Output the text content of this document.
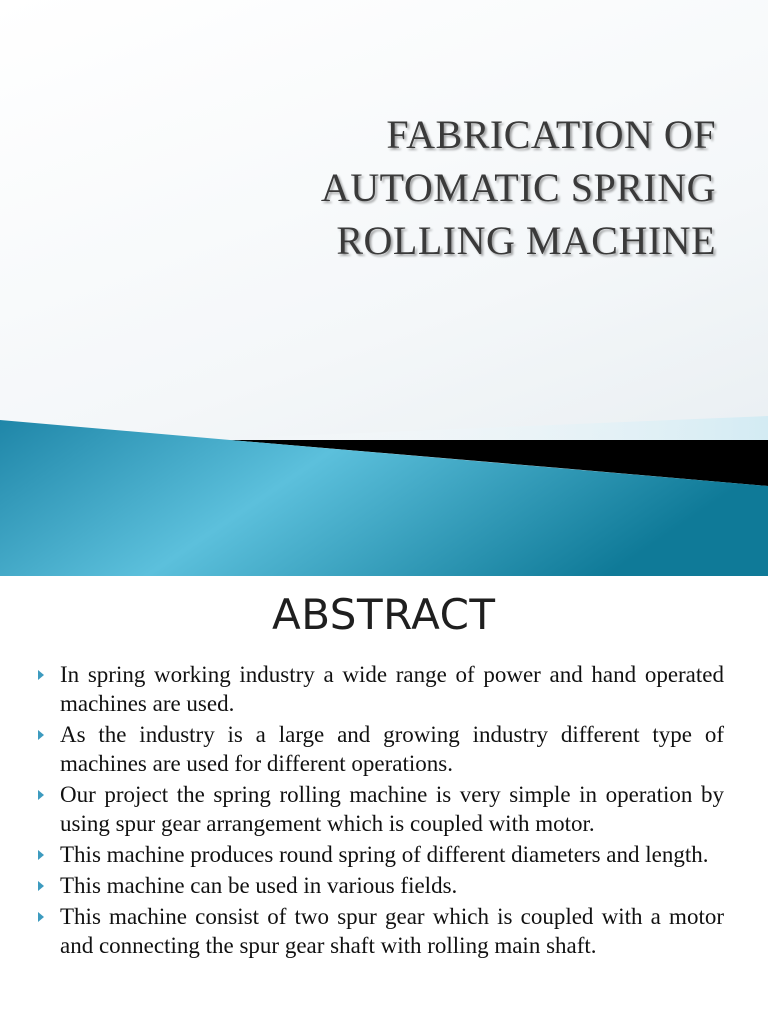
FABRICATION OF
AUTOMATIC SPRING
ROLLING MACHINE
ABSTRACT
In spring working industry a wide range of power and hand operated machines are used.
As the industry is a large and growing industry different type of machines are used for different operations.
Our project the spring rolling machine is very simple in operation by using spur gear arrangement which is coupled with motor.
This machine produces round spring of different diameters and length.
This machine can be used in various fields.
This machine consist of two spur gear which is coupled with a motor and connecting the spur gear shaft with rolling main shaft.
